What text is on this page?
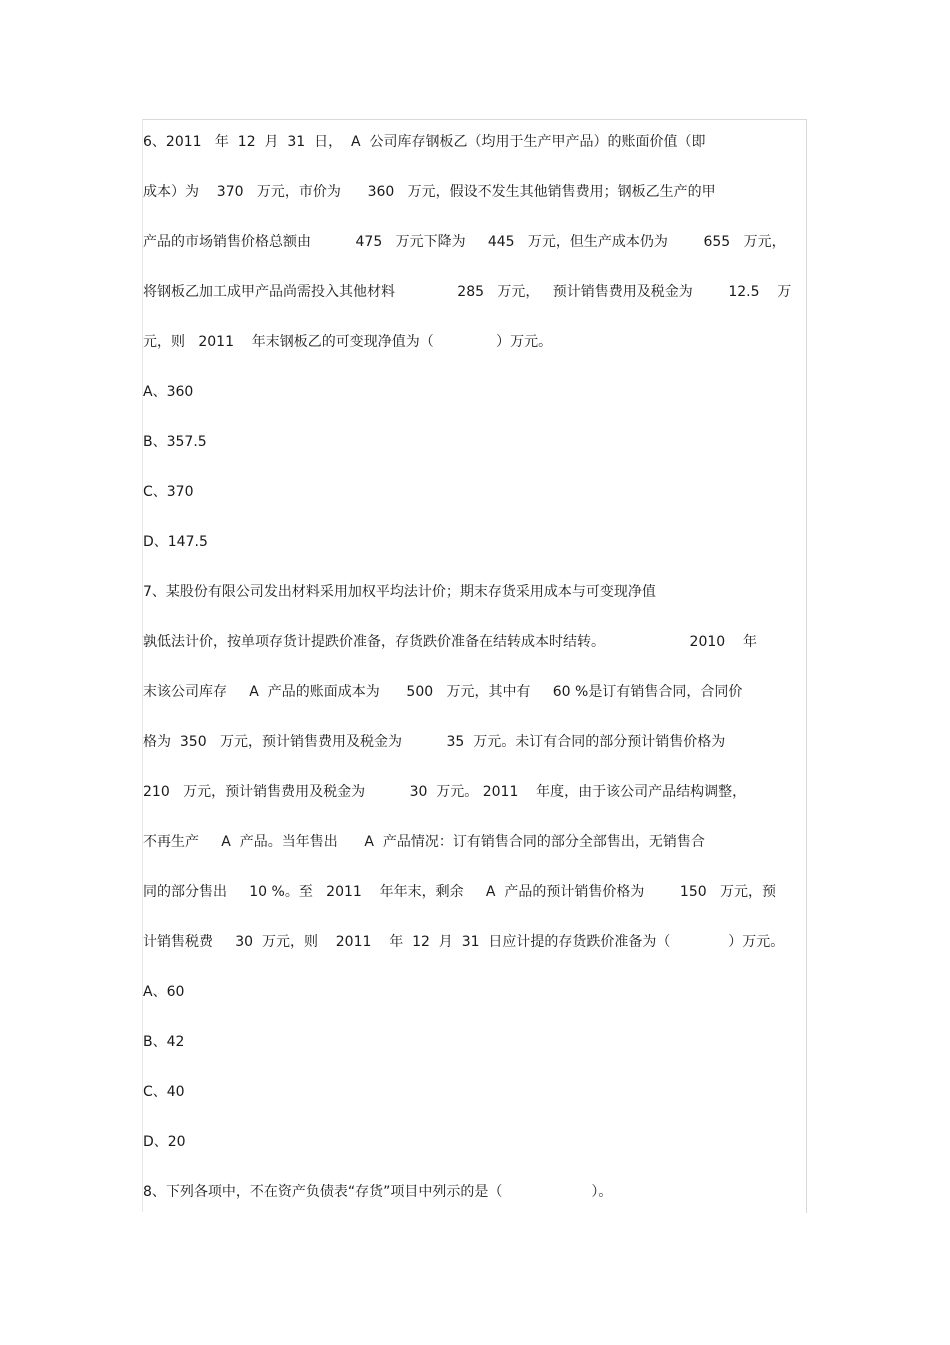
6、2011   年  12  月  31  日，  A  公司库存钢板乙（均用于生产甲产品）的账面价值（即
成本）为    370   万元，市价为      360   万元，假设不发生其他销售费用；钢板乙生产的甲
产品的市场销售价格总额由          475   万元下降为     445   万元，但生产成本仍为        655   万元，
将钢板乙加工成甲产品尚需投入其他材料              285   万元，   预计销售费用及税金为        12.5    万
元，则   2011    年末钢板乙的可变现净值为（              ）万元。
A、360
B、357.5
C、370
D、147.5
7、某股份有限公司发出材料采用加权平均法计价；期末存货采用成本与可变现净值
孰低法计价，按单项存货计提跌价准备，存货跌价准备在结转成本时结转。                   2010    年
末该公司库存     A  产品的账面成本为      500   万元，其中有     60 %是订有销售合同，合同价
格为  350   万元，预计销售费用及税金为          35  万元。未订有合同的部分预计销售价格为
210   万元，预计销售费用及税金为          30  万元。 2011    年度，由于该公司产品结构调整，
不再生产     A  产品。当年售出      A  产品情况：订有销售合同的部分全部售出，无销售合
同的部分售出     10 %。至   2011    年年末，剩余     A  产品的预计销售价格为        150   万元，预
计销售税费     30  万元，则    2011    年  12  月  31  日应计提的存货跌价准备为（             ）万元。
A、60
B、42
C、40
D、20
8、下列各项中，不在资产负债表“存货”项目中列示的是（                    ）。
